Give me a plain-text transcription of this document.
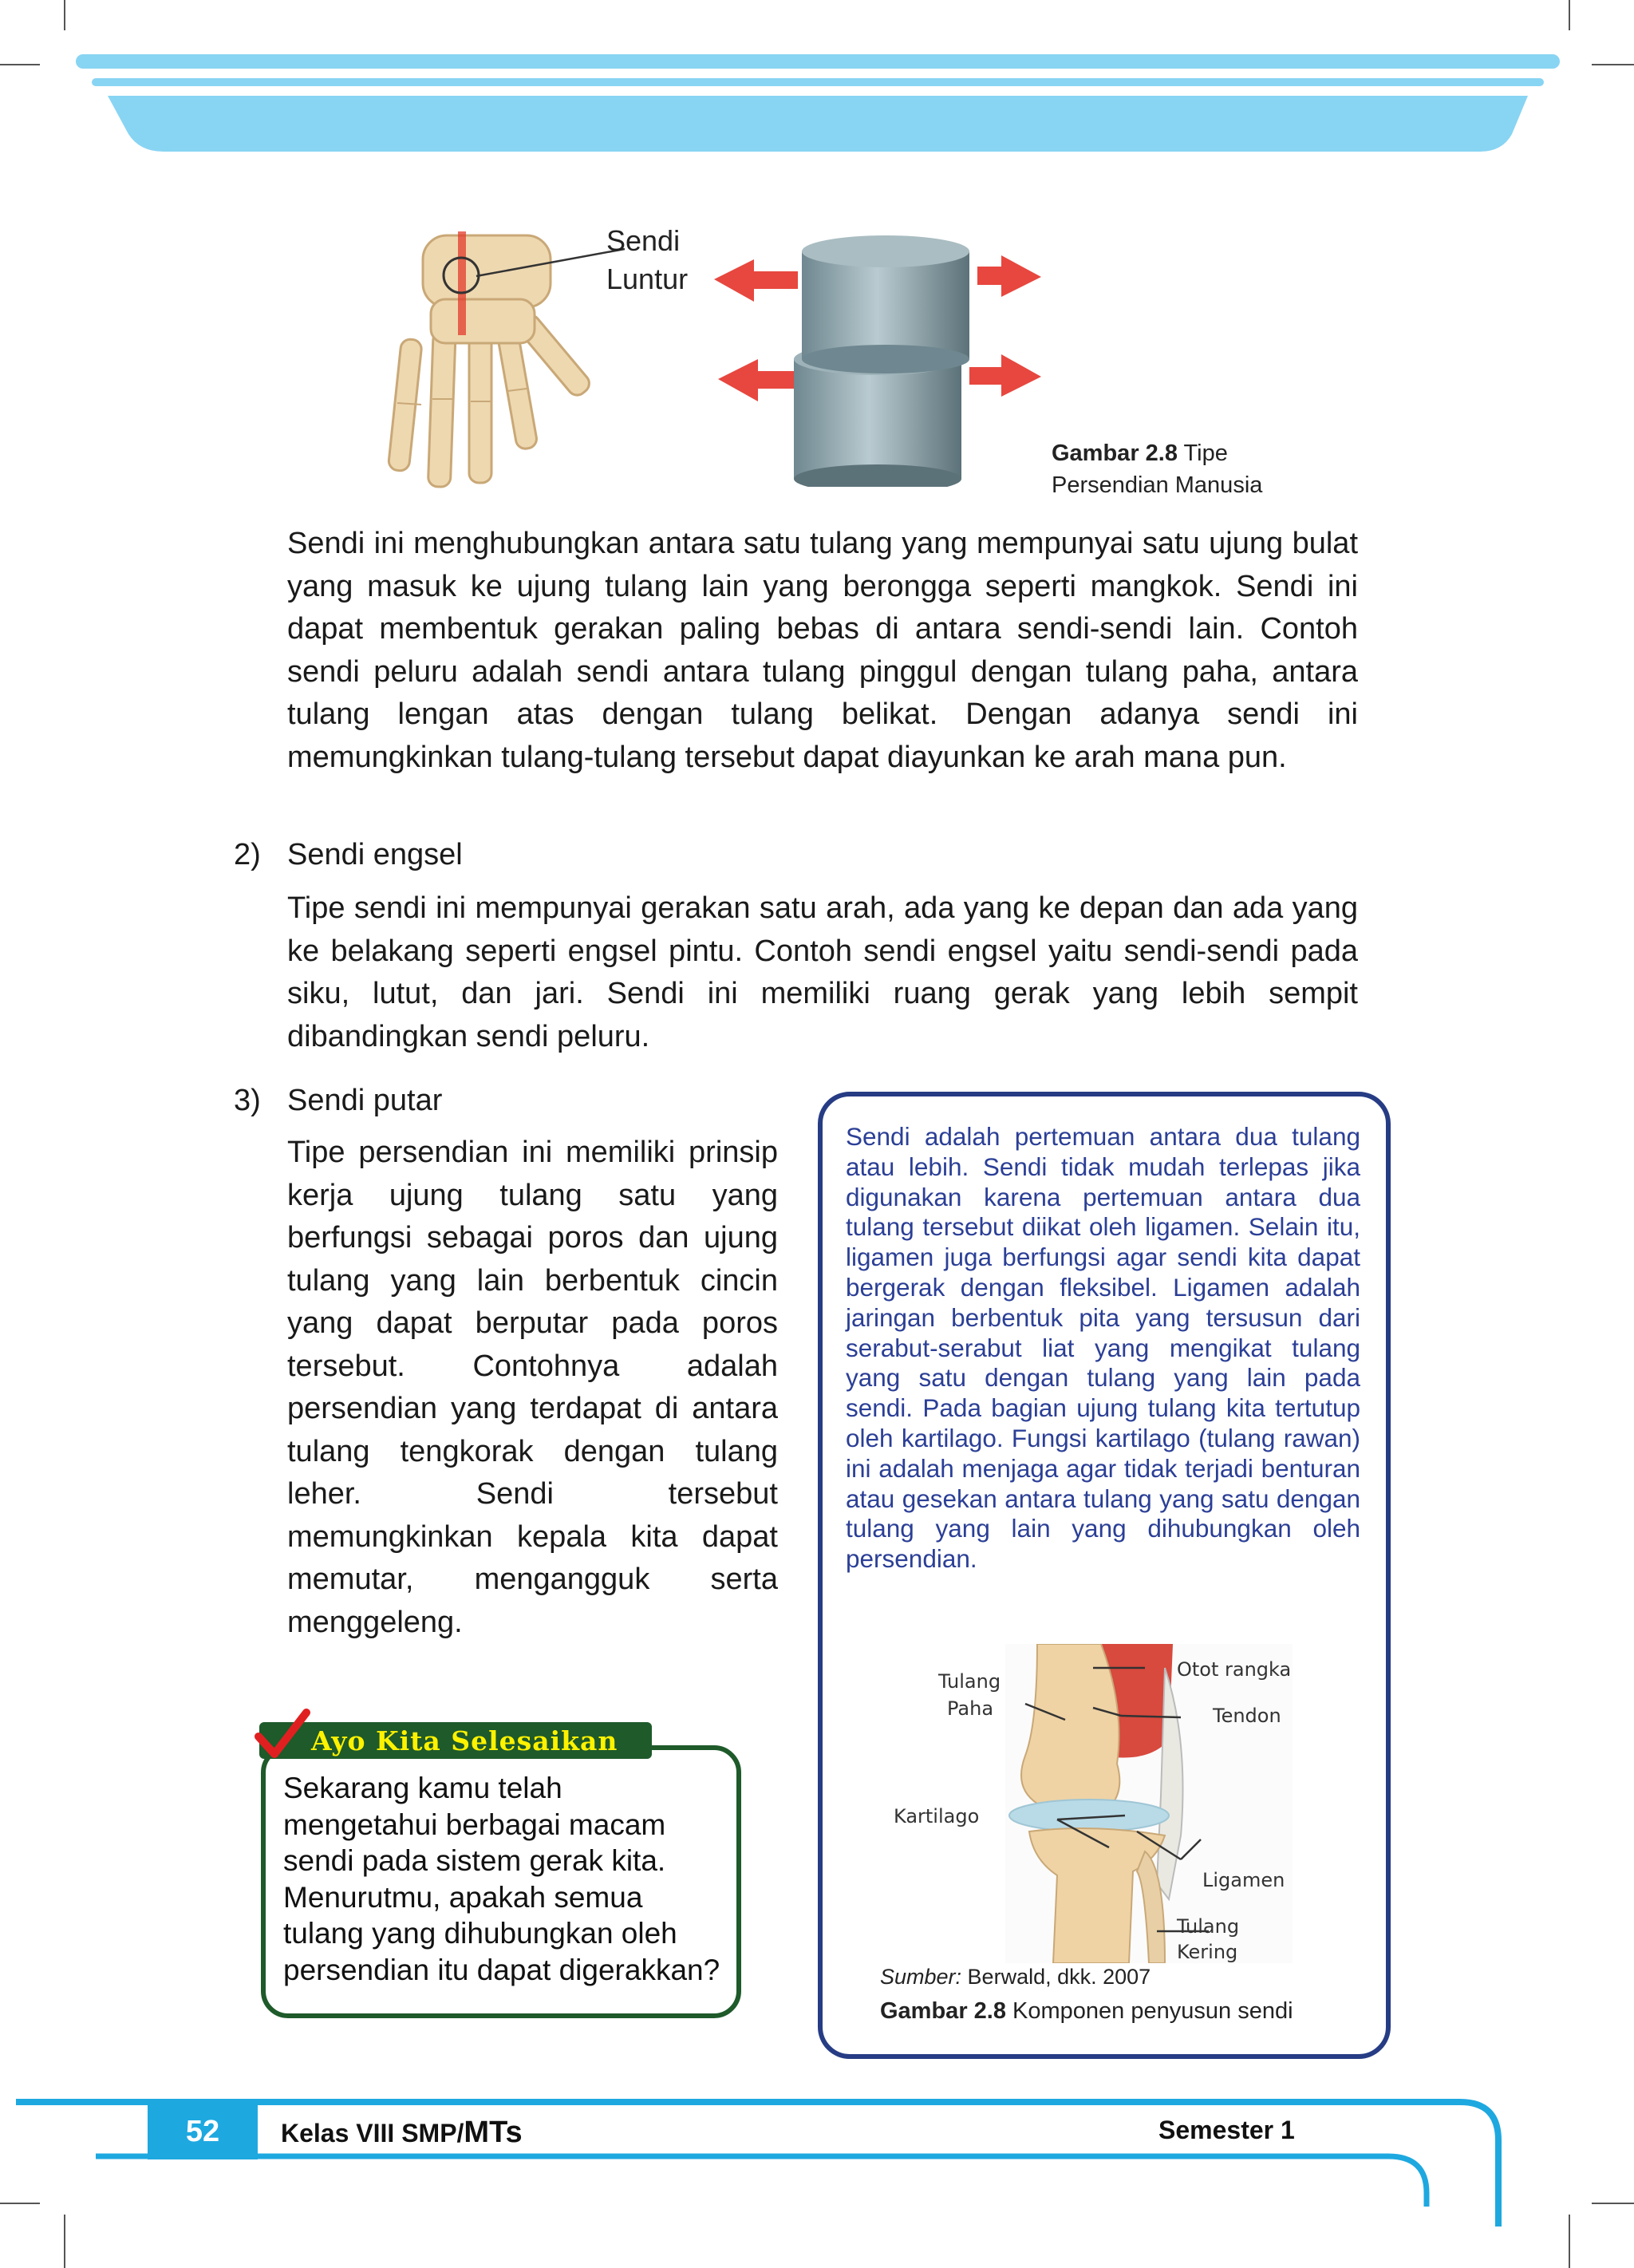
Sendi
Luntur
Gambar 2.8 Tipe
Persendian Manusia

Sendi ini menghubungkan antara satu tulang yang mempunyai satu ujung bulat yang masuk ke ujung tulang lain yang berongga seperti mangkok. Sendi ini dapat membentuk gerakan paling bebas di antara sendi-sendi lain. Contoh sendi peluru adalah sendi antara tulang pinggul dengan tulang paha, antara tulang lengan atas dengan tulang belikat. Dengan adanya sendi ini memungkinkan tulang-tulang tersebut dapat diayunkan ke arah mana pun.

2) Sendi engsel

Tipe sendi ini mempunyai gerakan satu arah, ada yang ke depan dan ada yang ke belakang seperti engsel pintu. Contoh sendi engsel yaitu sendi-sendi pada siku, lutut, dan jari. Sendi ini memiliki ruang gerak yang lebih sempit dibandingkan sendi peluru.

3) Sendi putar

Tipe persendian ini memiliki prinsip kerja ujung tulang satu yang berfungsi sebagai poros dan ujung tulang yang lain berbentuk cincin yang dapat berputar pada poros tersebut. Contohnya adalah persendian yang terdapat di antara tulang tengkorak dengan tulang leher. Sendi tersebut memungkinkan kepala kita dapat memutar, mengangguk serta menggeleng.

Sendi adalah pertemuan antara dua tulang atau lebih. Sendi tidak mudah terlepas jika digunakan karena pertemuan antara dua tulang tersebut diikat oleh ligamen. Selain itu, ligamen juga berfungsi agar sendi kita dapat bergerak dengan fleksibel. Ligamen adalah jaringan berbentuk pita yang tersusun dari serabut-serabut liat yang mengikat tulang yang satu dengan tulang yang lain pada sendi. Pada bagian ujung tulang kita tertutup oleh kartilago. Fungsi kartilago (tulang rawan) ini adalah menjaga agar tidak terjadi benturan atau gesekan antara tulang yang satu dengan tulang yang lain yang dihubungkan oleh persendian.

Tulang
Paha
Otot rangka
Tendon
Kartilago
Ligamen
Tulang
Kering
Sumber: Berwald, dkk. 2007
Gambar 2.8 Komponen penyusun sendi
Ayo Kita Selesaikan
Sekarang kamu telah
mengetahui berbagai macam
sendi pada sistem gerak kita.
Menurutmu, apakah semua
tulang yang dihubungkan oleh
persendian itu dapat digerakkan?
52	Kelas VIII SMP/MTs	Semester 1
